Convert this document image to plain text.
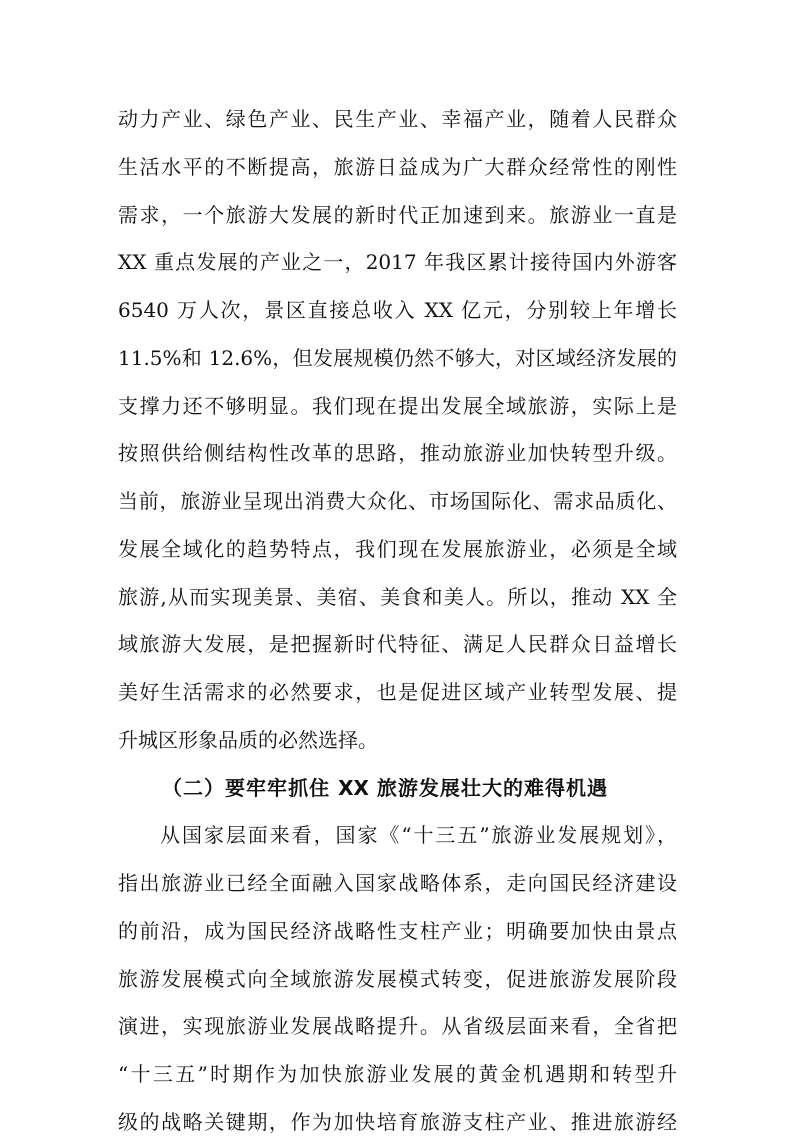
动力产业、绿色产业、民生产业、幸福产业，随着人民群众
生活水平的不断提高，旅游日益成为广大群众经常性的刚性
需求，一个旅游大发展的新时代正加速到来。旅游业一直是
XX 重点发展的产业之一，2017 年我区累计接待国内外游客
6540 万人次，景区直接总收入 XX 亿元，分别较上年增长
11.5%和 12.6%，但发展规模仍然不够大，对区域经济发展的
支撑力还不够明显。我们现在提出发展全域旅游，实际上是
按照供给侧结构性改革的思路，推动旅游业加快转型升级。
当前，旅游业呈现出消费大众化、市场国际化、需求品质化、
发展全域化的趋势特点，我们现在发展旅游业，必须是全域
旅游,从而实现美景、美宿、美食和美人。所以，推动 XX 全
域旅游大发展，是把握新时代特征、满足人民群众日益增长
美好生活需求的必然要求，也是促进区域产业转型发展、提
升城区形象品质的必然选择。
（二）要牢牢抓住 XX 旅游发展壮大的难得机遇
从国家层面来看，国家《“十三五”旅游业发展规划》，
指出旅游业已经全面融入国家战略体系，走向国民经济建设
的前沿，成为国民经济战略性支柱产业；明确要加快由景点
旅游发展模式向全域旅游发展模式转变，促进旅游发展阶段
演进，实现旅游业发展战略提升。从省级层面来看，全省把
“十三五”时期作为加快旅游业发展的黄金机遇期和转型升
级的战略关键期，作为加快培育旅游支柱产业、推进旅游经
